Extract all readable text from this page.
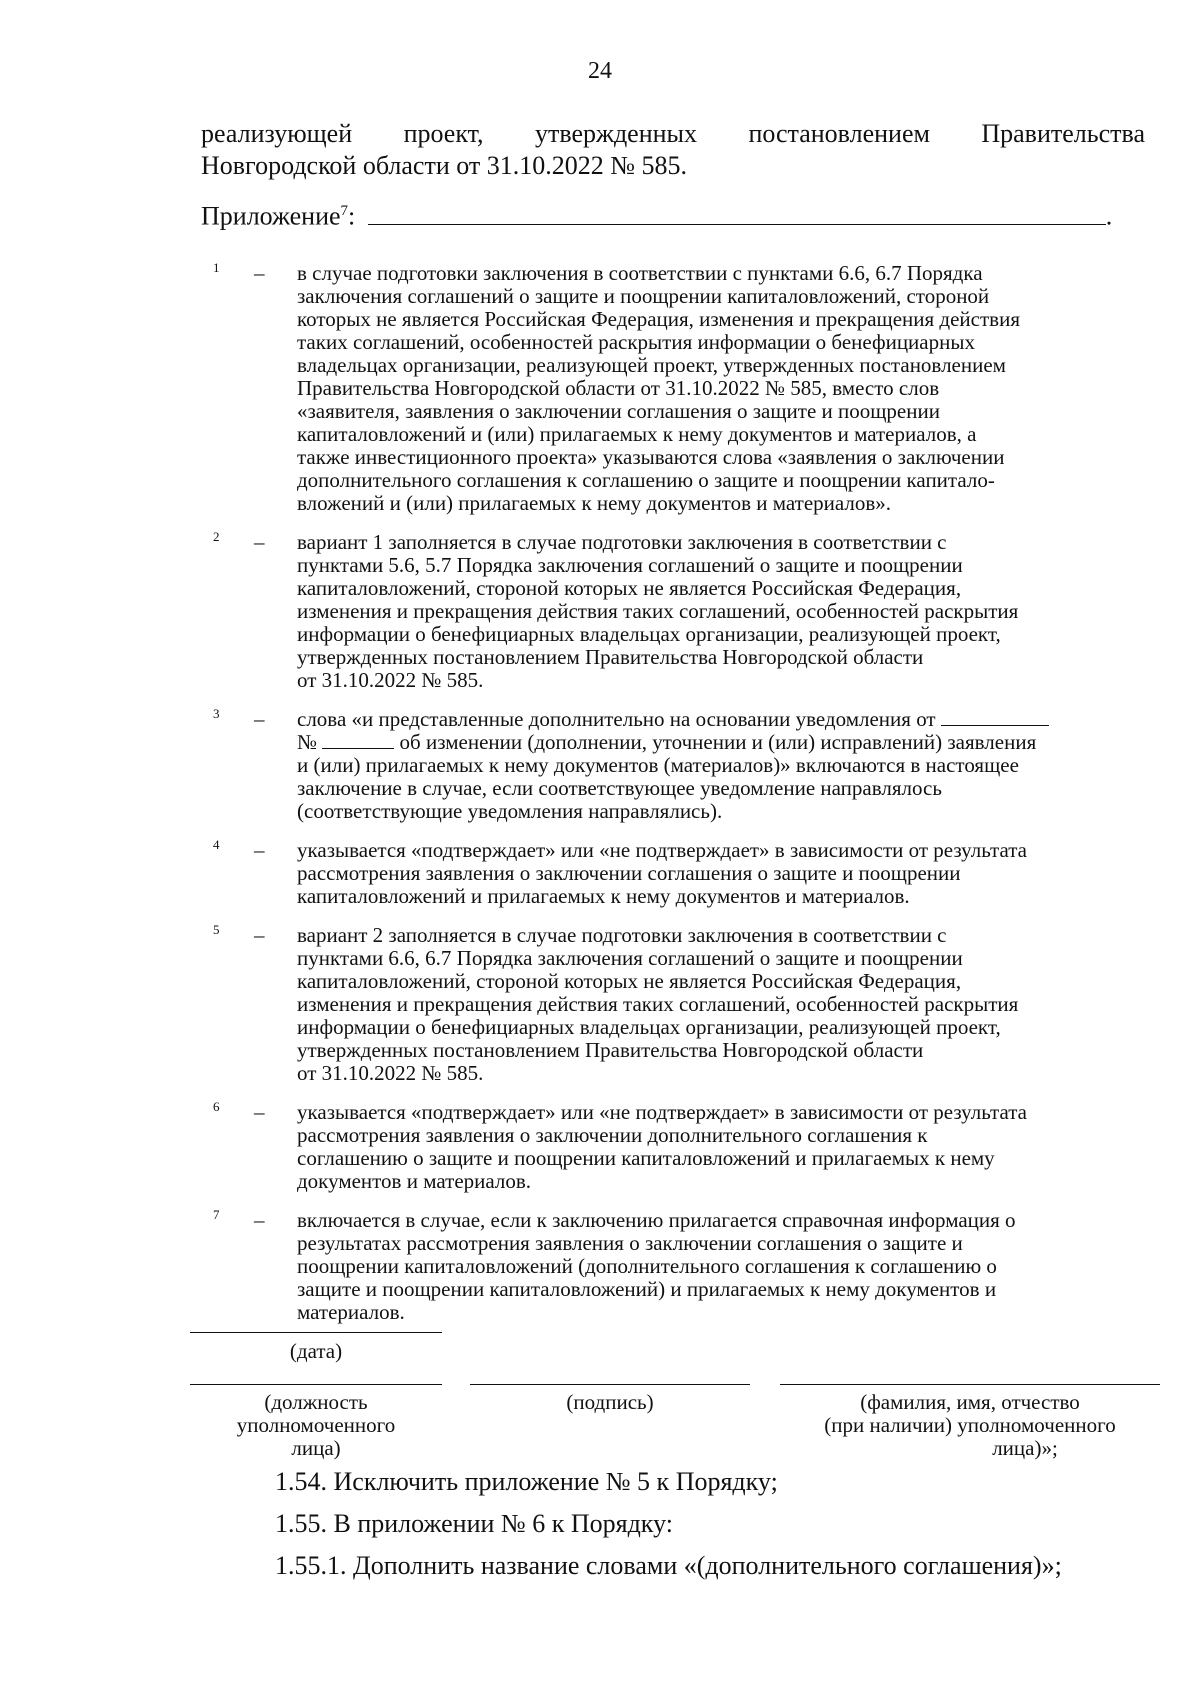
24
реализующей проект, утвержденных постановлением Правительства
Новгородской области от 31.10.2022 № 585.
Приложение$^7$:	.
1 – в случае подготовки заключения в соответствии с пунктами 6.6, 6.7 Порядка
заключения соглашений о защите и поощрении капиталовложений, стороной
которых не является Российская Федерация, изменения и прекращения действия
таких соглашений, особенностей раскрытия информации о бенефициарных
владельцах организации, реализующей проект, утвержденных постановлением
Правительства Новгородской области от 31.10.2022 № 585, вместо слов
«заявителя, заявления о заключении соглашения о защите и поощрении
капиталовложений и (или) прилагаемых к нему документов и материалов, а
также инвестиционного проекта» указываются слова «заявления о заключении
дополнительного соглашения к соглашению о защите и поощрении капитало-
вложений и (или) прилагаемых к нему документов и материалов».
2 – вариант 1 заполняется в случае подготовки заключения в соответствии с
пунктами 5.6, 5.7 Порядка заключения соглашений о защите и поощрении
капиталовложений, стороной которых не является Российская Федерация,
изменения и прекращения действия таких соглашений, особенностей раскрытия
информации о бенефициарных владельцах организации, реализующей проект,
утвержденных постановлением Правительства Новгородской области
от 31.10.2022 № 585.
3 – слова «и представленные дополнительно на основании уведомления от
№	об изменении (дополнении, уточнении и (или) исправлений) заявления
и (или) прилагаемых к нему документов (материалов)» включаются в настоящее
заключение в случае, если соответствующее уведомление направлялось
(соответствующие уведомления направлялись).
4 – указывается «подтверждает» или «не подтверждает» в зависимости от результата
рассмотрения заявления о заключении соглашения о защите и поощрении
капиталовложений и прилагаемых к нему документов и материалов.
5 – вариант 2 заполняется в случае подготовки заключения в соответствии с
пунктами 6.6, 6.7 Порядка заключения соглашений о защите и поощрении
капиталовложений, стороной которых не является Российская Федерация,
изменения и прекращения действия таких соглашений, особенностей раскрытия
информации о бенефициарных владельцах организации, реализующей проект,
утвержденных постановлением Правительства Новгородской области
от 31.10.2022 № 585.
6 – указывается «подтверждает» или «не подтверждает» в зависимости от результата
рассмотрения заявления о заключении дополнительного соглашения к
соглашению о защите и поощрении капиталовложений и прилагаемых к нему
документов и материалов.
7 – включается в случае, если к заключению прилагается справочная информация о
результатах рассмотрения заявления о заключении соглашения о защите и
поощрении капиталовложений (дополнительного соглашения к соглашению о
защите и поощрении капиталовложений) и прилагаемых к нему документов и
материалов.
(дата)
(должность
уполномоченного
лица)
(подпись)	(фамилия, имя, отчество
(при наличии) уполномоченного
лица)»;
1.54. Исключить приложение № 5 к Порядку;
1.55. В приложении № 6 к Порядку:
1.55.1. Дополнить название словами «(дополнительного соглашения)»;
